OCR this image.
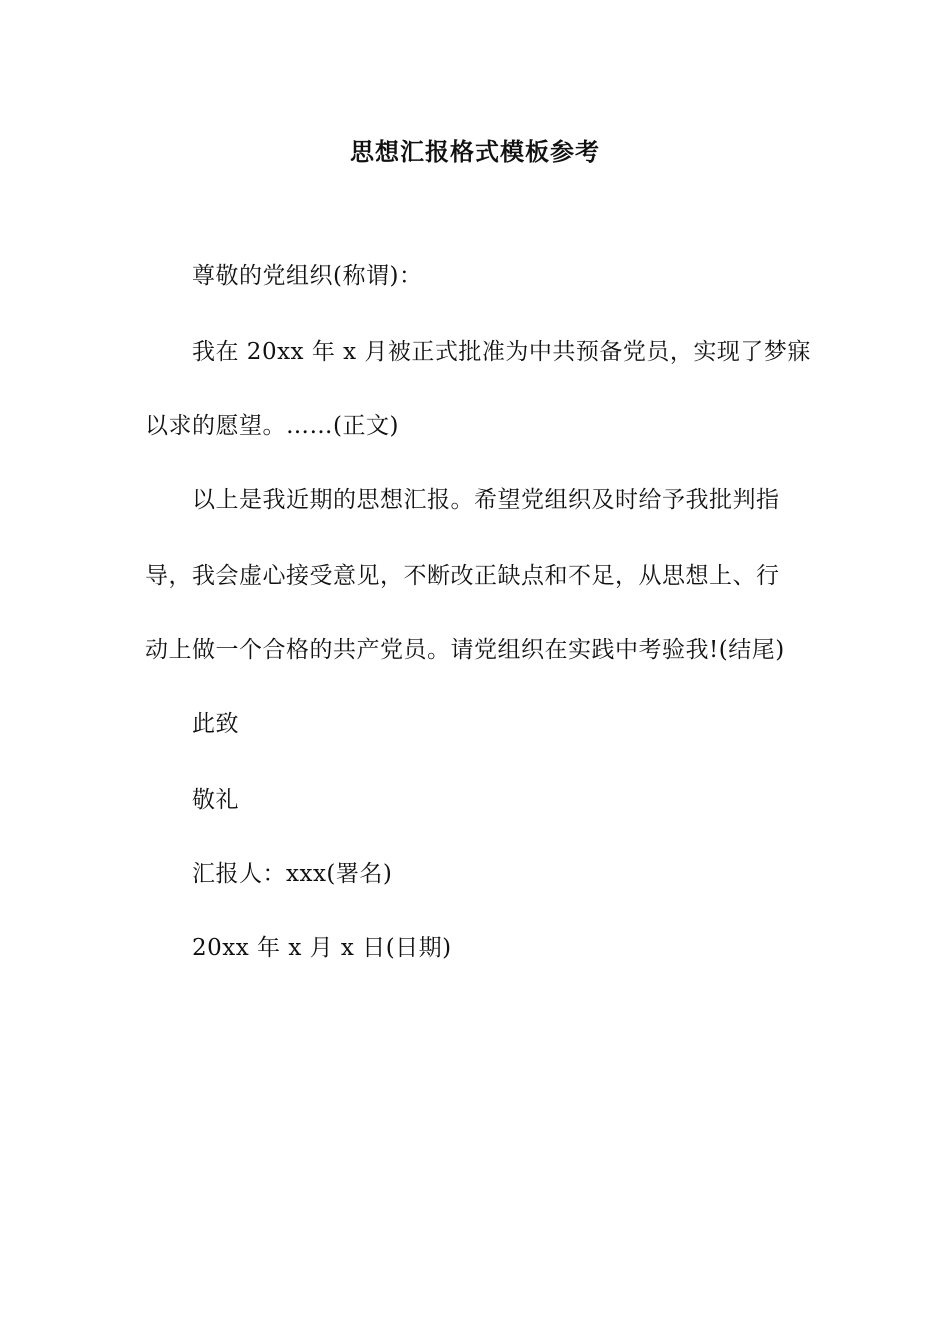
思想汇报格式模板参考
尊敬的党组织(称谓)：
我在 20xx 年 x 月被正式批准为中共预备党员，实现了梦寐
以求的愿望。……(正文)
以上是我近期的思想汇报。希望党组织及时给予我批判指
导，我会虚心接受意见，不断改正缺点和不足，从思想上、行
动上做一个合格的共产党员。请党组织在实践中考验我!(结尾)
此致
敬礼
汇报人：xxx(署名)
20xx 年 x 月 x 日(日期)
